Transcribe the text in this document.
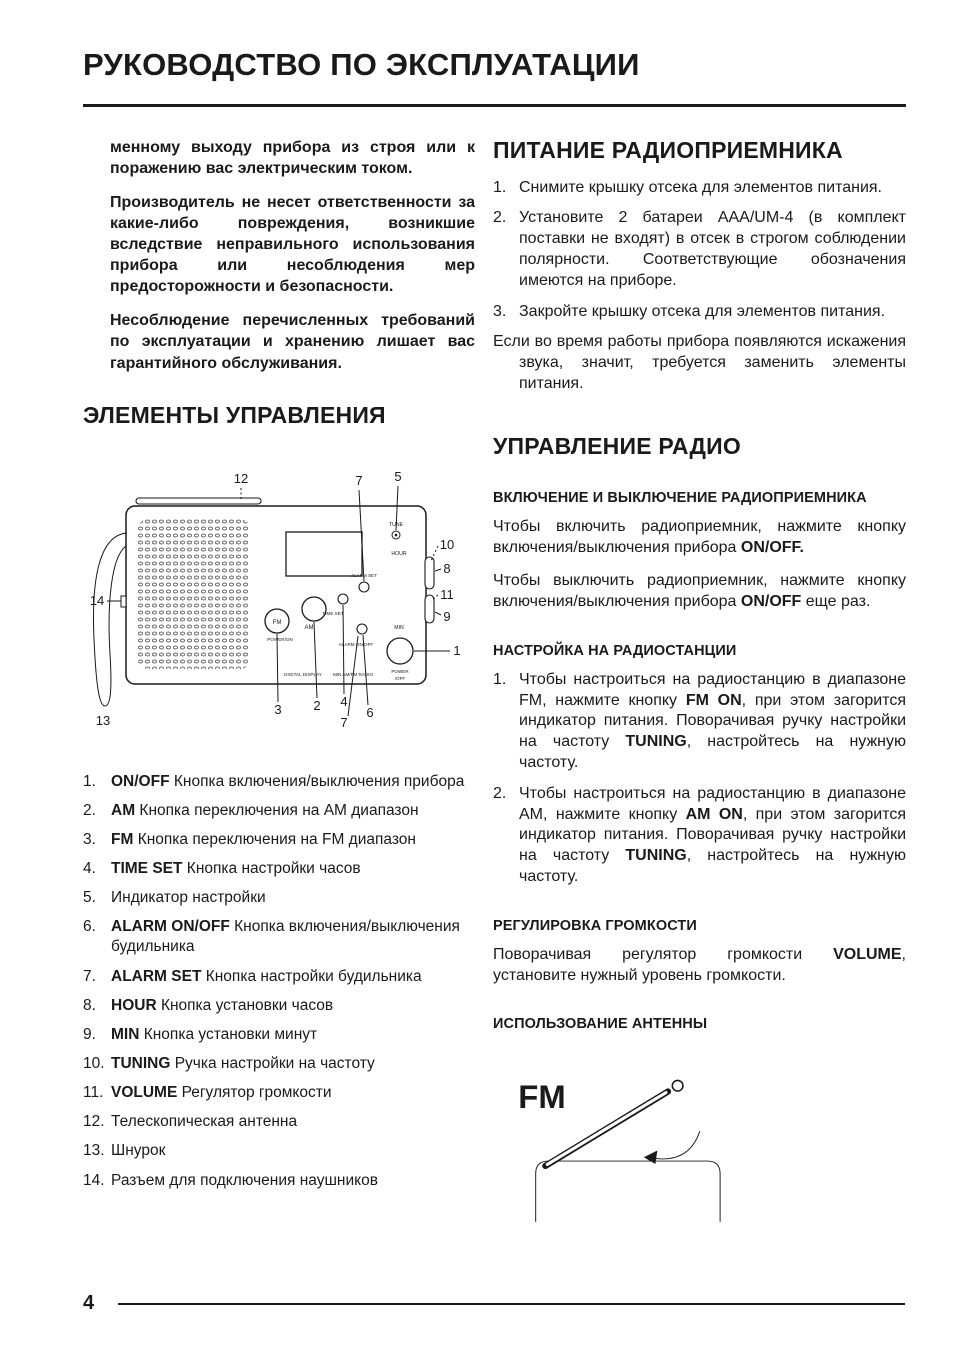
РУКОВОДСТВО ПО ЭКСПЛУАТАЦИИ

менному выходу прибора из строя или к поражению вас электрическим током.

Производитель не несет ответственности за какие-либо повреждения, возникшие вследствие неправильного использования прибора или несоблюдения мер предосторожности и безопасности.

Несоблюдение перечисленных требований по эксплуатации и хранению лишает вас гарантийного обслуживания.

ЭЛЕМЕНТЫ УПРАВЛЕНИЯ
TUNE
HOUR
MIN
FM
POWER/ON
AM
TIME SET
ALARM SET
ALARM ON/OFF
DIGITAL DISPLAY MIN AM/FM RADIO
POWER
/OFF
12	7 5
10
8
11
9
1
14
3 2 4
7
6
13
1. ON/OFF Кнопка включения/выключения прибора
2. AM Кнопка переключения на АМ диапазон
3. FM Кнопка переключения на FM диапазон
4. TIME SET Кнопка настройки часов
5. Индикатор настройки
6. ALARM ON/OFF Кнопка включения/выключения будильника
7. ALARM SET Кнопка настройки будильника
8. HOUR Кнопка установки часов
9. MIN Кнопка установки минут
10. TUNING Ручка настройки на частоту
11. VOLUME Регулятор громкости
12. Телескопическая антенна
13. Шнурок
14. Разъем для подключения наушников
ПИТАНИЕ РАДИОПРИЕМНИКА
1. Снимите крышку отсека для элементов питания.
2. Установите 2 батареи AAA/UM-4 (в комплект поставки не входят) в отсек в строгом соблюдении полярности. Соответствующие обозначения имеются на приборе.
3. Закройте крышку отсека для элементов питания.

Если во время работы прибора появляются искажения звука, значит, требуется заменить элементы питания.

УПРАВЛЕНИЕ РАДИО
ВКЛЮЧЕНИЕ И ВЫКЛЮЧЕНИЕ РАДИОПРИЕМНИКА

Чтобы включить радиоприемник, нажмите кнопку включения/выключения прибора ON/OFF.

Чтобы выключить радиоприемник, нажмите кнопку включения/выключения прибора ON/OFF еще раз.

НАСТРОЙКА НА РАДИОСТАНЦИИ
1. Чтобы настроиться на радиостанцию в диапазоне FM, нажмите кнопку FM ON, при этом загорится индикатор питания. Поворачивая ручку настройки на частоту TUNING, настройтесь на нужную частоту.
2. Чтобы настроиться на радиостанцию в диапазоне АМ, нажмите кнопку AM ON, при этом загорится индикатор питания. Поворачивая ручку настройки на частоту TUNING, настройтесь на нужную частоту.
РЕГУЛИРОВКА ГРОМКОСТИ

Поворачивая регулятор громкости VOLUME, установите нужный уровень громкости.

ИСПОЛЬЗОВАНИЕ АНТЕННЫ
FM
4
